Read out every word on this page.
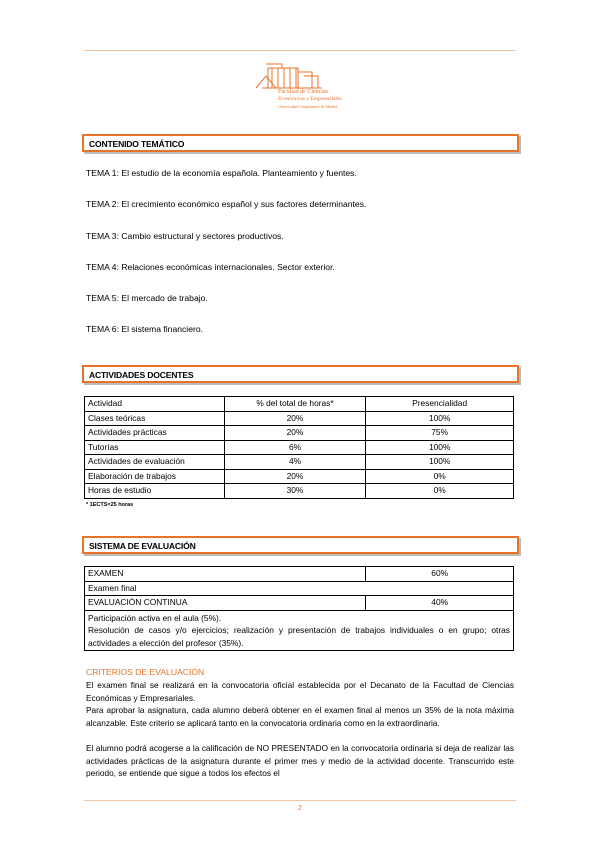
Facultad de Ciencias
Económicas y Empresariales
Universidad Complutense de Madrid
CONTENIDO TEMÁTICO
TEMA 1: El estudio de la economía española. Planteamiento y fuentes.
TEMA 2: El crecimiento económico español y sus factores determinantes.
TEMA 3: Cambio estructural y sectores productivos.
TEMA 4: Relaciones económicas internacionales. Sector exterior.
TEMA 5: El mercado de trabajo.
TEMA 6: El sistema financiero.
ACTIVIDADES DOCENTES
Actividad	% del total de horas*	Presencialidad
Clases teóricas	20%	100%
Actividades prácticas	20%	75%
Tutorías	6%	100%
Actividades de evaluación	4%	100%
Elaboración de trabajos	20%	0%
Horas de estudio	30%	0%
* 1ECTS=25 horas
SISTEMA DE EVALUACIÓN
EXAMEN	60%
Examen final	
EVALUACIÓN CONTINUA	40%

Participación activa en el aula (5%).
Resolución de casos y/o ejercicios; realización y presentación de trabajos individuales o en grupo; otras actividades a elección del profesor (35%).	
CRITERIOS DE EVALUACIÓN
El examen final se realizará en la convocatoria oficial establecida por el Decanato de la Facultad de Ciencias Económicas y Empresariales.
Para aprobar la asignatura, cada alumno deberá obtener en el examen final al menos un 35% de la nota máxima alcanzable. Este criterio se aplicará tanto en la convocatoria ordinaria como en la extraordinaria.
El alumno podrá acogerse a la calificación de NO PRESENTADO en la convocatoria ordinaria si deja de realizar las actividades prácticas de la asignatura durante el primer mes y medio de la actividad docente. Transcurrido este periodo, se entiende que sigue a todos los efectos el
2
